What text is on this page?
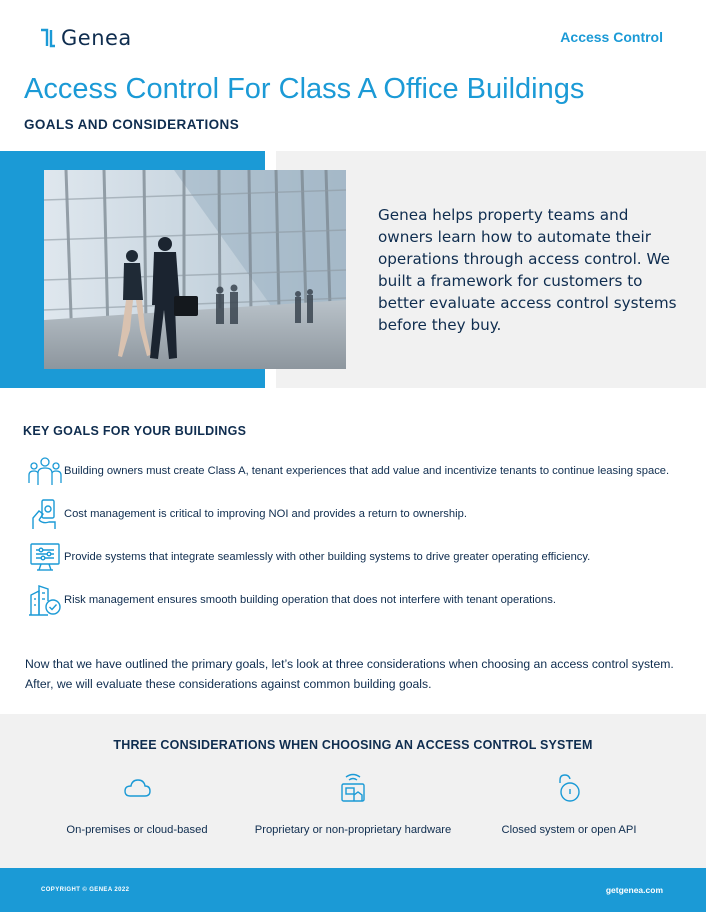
Genea	Access Control
Access Control For Class A Office Buildings
GOALS AND CONSIDERATIONS

Genea helps property teams and owners learn how to automate their operations through access control. We built a framework for customers to better evaluate access control systems before they buy.

KEY GOALS FOR YOUR BUILDINGS
Building owners must create Class A, tenant experiences that add value and incentivize tenants to continue leasing space.
Cost management is critical to improving NOI and provides a return to ownership.
Provide systems that integrate seamlessly with other building systems to drive greater operating efficiency.
Risk management ensures smooth building operation that does not interfere with tenant operations.

Now that we have outlined the primary goals, let’s look at three considerations when choosing an access control system. After, we will evaluate these considerations against common building goals.

THREE CONSIDERATIONS WHEN CHOOSING AN ACCESS CONTROL SYSTEM
On-premises or cloud-based	Proprietary or non-proprietary hardware	Closed system or open API
COPYRIGHT © GENEA 2022	getgenea.com
